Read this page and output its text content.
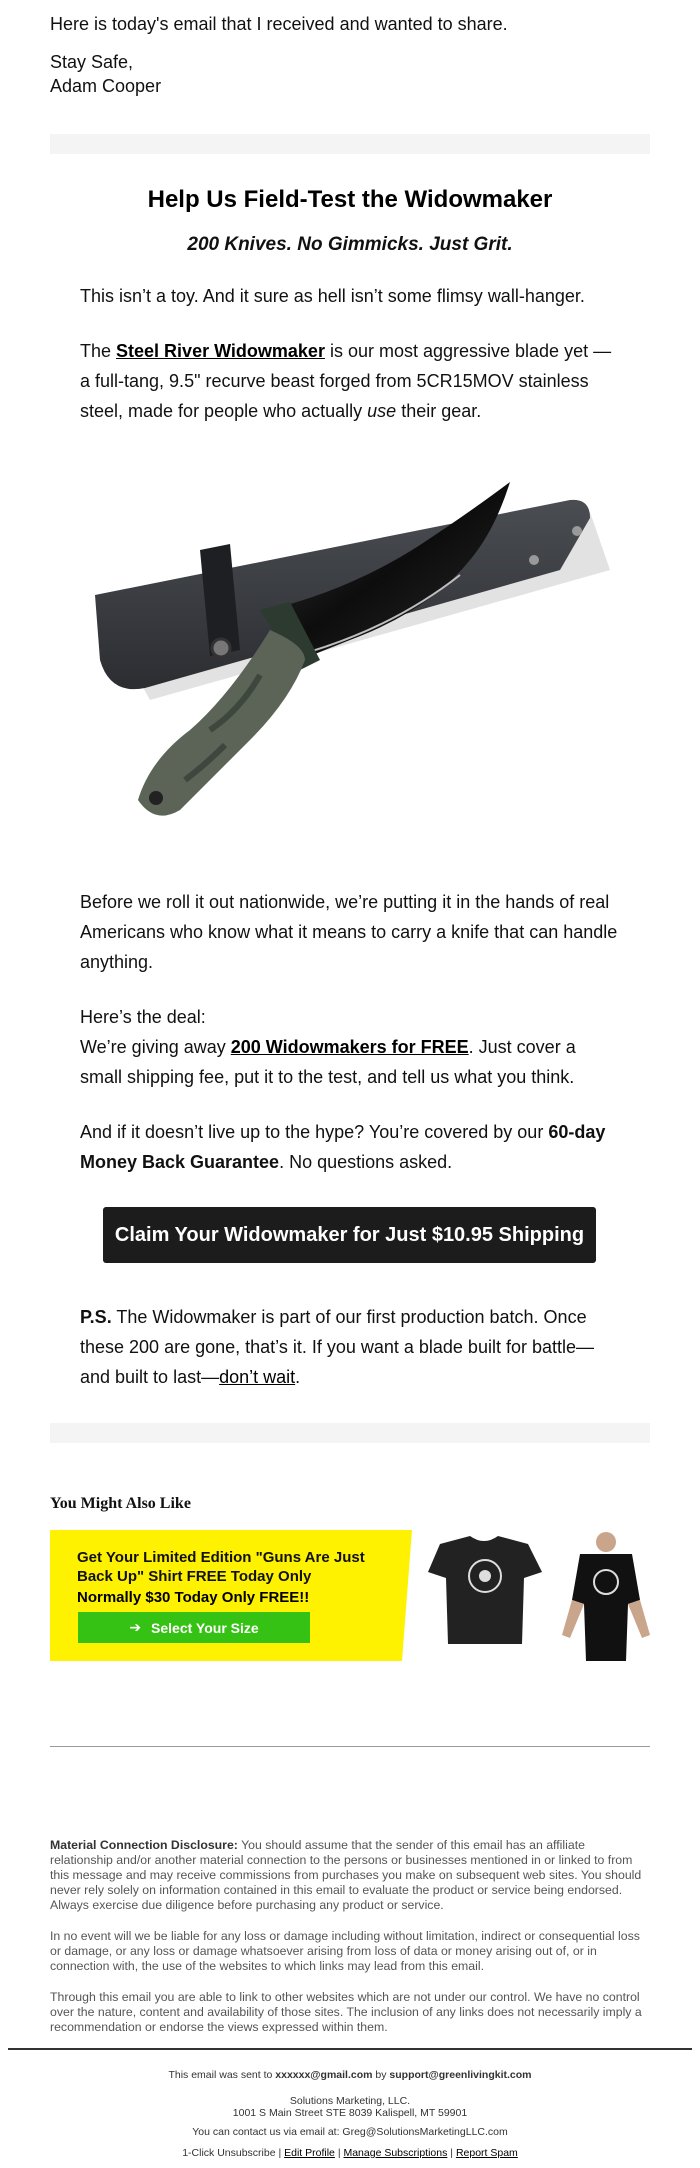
Here is today's email that I received and wanted to share.

Stay Safe,
Adam Cooper

Help Us Field-Test the Widowmaker
200 Knives. No Gimmicks. Just Grit.

This isn’t a toy. And it sure as hell isn’t some flimsy wall-hanger.

The Steel River Widowmaker is our most aggressive blade yet —a full-tang, 9.5" recurve beast forged from 5CR15MOV stainless steel, made for people who actually use their gear.

Before we roll it out nationwide, we’re putting it in the hands of real Americans who know what it means to carry a knife that can handle anything.

Here’s the deal:
We’re giving away 200 Widowmakers for FREE. Just cover a small shipping fee, put it to the test, and tell us what you think.

And if it doesn’t live up to the hype? You’re covered by our 60-day Money Back Guarantee. No questions asked.

Claim Your Widowmaker for Just $10.95 Shipping

P.S. The Widowmaker is part of our first production batch. Once these 200 are gone, that’s it. If you want a blade built for battle—and built to last—don’t wait.

You Might Also Like
Get Your Limited Edition "Guns Are Just Back Up" Shirt FREE Today Only
Normally $30 Today Only FREE!!
➔ Select Your Size

Material Connection Disclosure: You should assume that the sender of this email has an affiliate relationship and/or another material connection to the persons or businesses mentioned in or linked to from this message and may receive commissions from purchases you make on subsequent web sites. You should never rely solely on information contained in this email to evaluate the product or service being endorsed. Always exercise due diligence before purchasing any product or service.

In no event will we be liable for any loss or damage including without limitation, indirect or consequential loss or damage, or any loss or damage whatsoever arising from loss of data or money arising out of, or in connection with, the use of the websites to which links may lead from this email.

Through this email you are able to link to other websites which are not under our control. We have no control over the nature, content and availability of those sites. The inclusion of any links does not necessarily imply a recommendation or endorse the views expressed within them.

This email was sent to xxxxxx@gmail.com by support@greenlivingkit.com
Solutions Marketing, LLC.
1001 S Main Street STE 8039 Kalispell, MT 59901
You can contact us via email at: Greg@SolutionsMarketingLLC.com
1-Click Unsubscribe | Edit Profile | Manage Subscriptions | Report Spam
